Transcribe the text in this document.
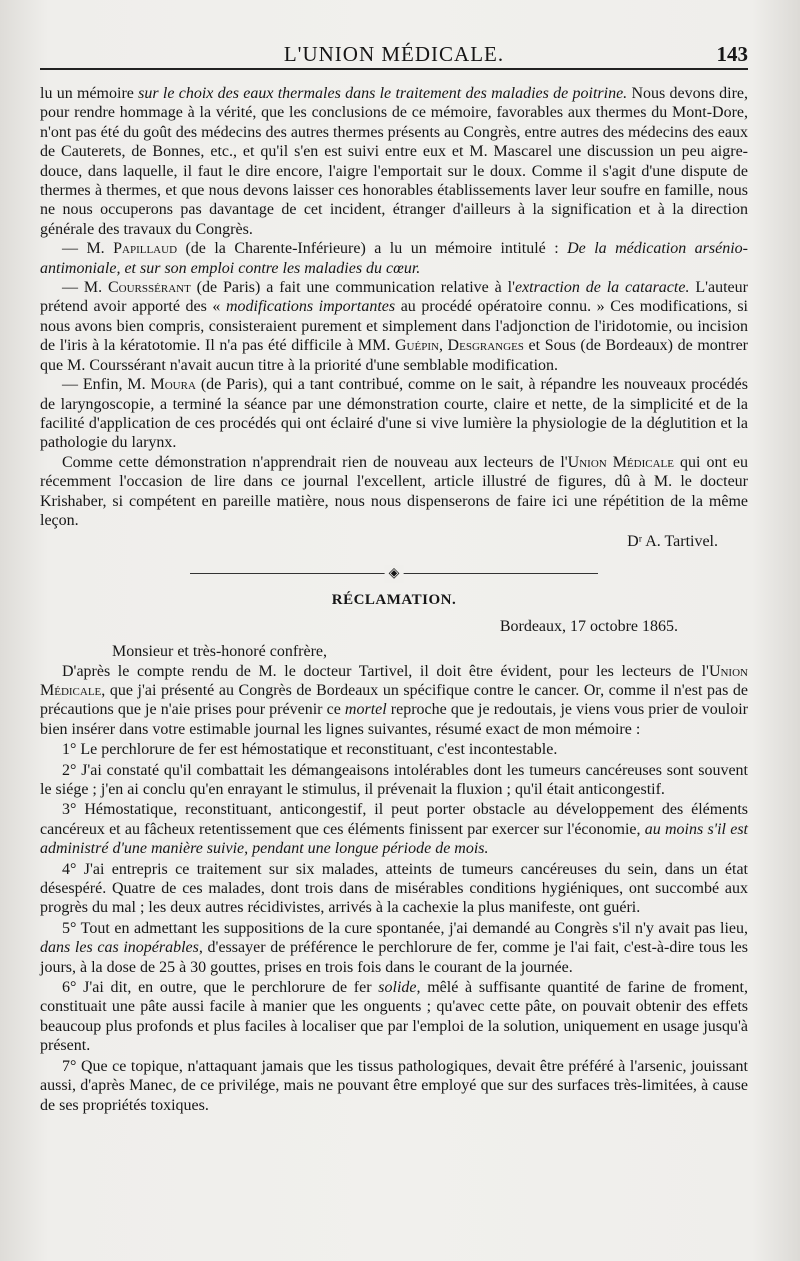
L'UNION MÉDICALE.	143

lu un mémoire sur le choix des eaux thermales dans le traitement des maladies de poitrine. Nous devons dire, pour rendre hommage à la vérité, que les conclusions de ce mémoire, favorables aux thermes du Mont-Dore, n'ont pas été du goût des médecins des autres thermes présents au Congrès, entre autres des médecins des eaux de Cauterets, de Bonnes, etc., et qu'il s'en est suivi entre eux et M. Mascarel une discussion un peu aigre-douce, dans laquelle, il faut le dire encore, l'aigre l'emportait sur le doux. Comme il s'agit d'une dispute de thermes à thermes, et que nous devons laisser ces honorables établissements laver leur soufre en famille, nous ne nous occuperons pas davantage de cet incident, étranger d'ailleurs à la signification et à la direction générale des travaux du Congrès.

— M. Papillaud (de la Charente-Inférieure) a lu un mémoire intitulé : De la médication arsénio-antimoniale, et sur son emploi contre les maladies du cœur.

— M. Courssérant (de Paris) a fait une communication relative à l'extraction de la cataracte. L'auteur prétend avoir apporté des « modifications importantes au procédé opératoire connu. » Ces modifications, si nous avons bien compris, consisteraient purement et simplement dans l'adjonction de l'iridotomie, ou incision de l'iris à la kératotomie. Il n'a pas été difficile à MM. Guépin, Desgranges et Sous (de Bordeaux) de montrer que M. Courssérant n'avait aucun titre à la priorité d'une semblable modification.

— Enfin, M. Moura (de Paris), qui a tant contribué, comme on le sait, à répandre les nouveaux procédés de laryngoscopie, a terminé la séance par une démonstration courte, claire et nette, de la simplicité et de la facilité d'application de ces procédés qui ont éclairé d'une si vive lumière la physiologie de la déglutition et la pathologie du larynx.

Comme cette démonstration n'apprendrait rien de nouveau aux lecteurs de l'Union Médicale qui ont eu récemment l'occasion de lire dans ce journal l'excellent, article illustré de figures, dû à M. le docteur Krishaber, si compétent en pareille matière, nous nous dispenserons de faire ici une répétition de la même leçon.

Dʳ A. Tartivel.
◈
RÉCLAMATION.
Bordeaux, 17 octobre 1865.
Monsieur et très-honoré confrère,

D'après le compte rendu de M. le docteur Tartivel, il doit être évident, pour les lecteurs de l'Union Médicale, que j'ai présenté au Congrès de Bordeaux un spécifique contre le cancer. Or, comme il n'est pas de précautions que je n'aie prises pour prévenir ce mortel reproche que je redoutais, je viens vous prier de vouloir bien insérer dans votre estimable journal les lignes suivantes, résumé exact de mon mémoire :

1° Le perchlorure de fer est hémostatique et reconstituant, c'est incontestable.

2° J'ai constaté qu'il combattait les démangeaisons intolérables dont les tumeurs cancéreuses sont souvent le siége ; j'en ai conclu qu'en enrayant le stimulus, il prévenait la fluxion ; qu'il était anticongestif.

3° Hémostatique, reconstituant, anticongestif, il peut porter obstacle au développement des éléments cancéreux et au fâcheux retentissement que ces éléments finissent par exercer sur l'économie, au moins s'il est administré d'une manière suivie, pendant une longue période de mois.

4° J'ai entrepris ce traitement sur six malades, atteints de tumeurs cancéreuses du sein, dans un état désespéré. Quatre de ces malades, dont trois dans de misérables conditions hygiéniques, ont succombé aux progrès du mal ; les deux autres récidivistes, arrivés à la cachexie la plus manifeste, ont guéri.

5° Tout en admettant les suppositions de la cure spontanée, j'ai demandé au Congrès s'il n'y avait pas lieu, dans les cas inopérables, d'essayer de préférence le perchlorure de fer, comme je l'ai fait, c'est-à-dire tous les jours, à la dose de 25 à 30 gouttes, prises en trois fois dans le courant de la journée.

6° J'ai dit, en outre, que le perchlorure de fer solide, mêlé à suffisante quantité de farine de froment, constituait une pâte aussi facile à manier que les onguents ; qu'avec cette pâte, on pouvait obtenir des effets beaucoup plus profonds et plus faciles à localiser que par l'emploi de la solution, uniquement en usage jusqu'à présent.

7° Que ce topique, n'attaquant jamais que les tissus pathologiques, devait être préféré à l'arsenic, jouissant aussi, d'après Manec, de ce privilége, mais ne pouvant être employé que sur des surfaces très-limitées, à cause de ses propriétés toxiques.
